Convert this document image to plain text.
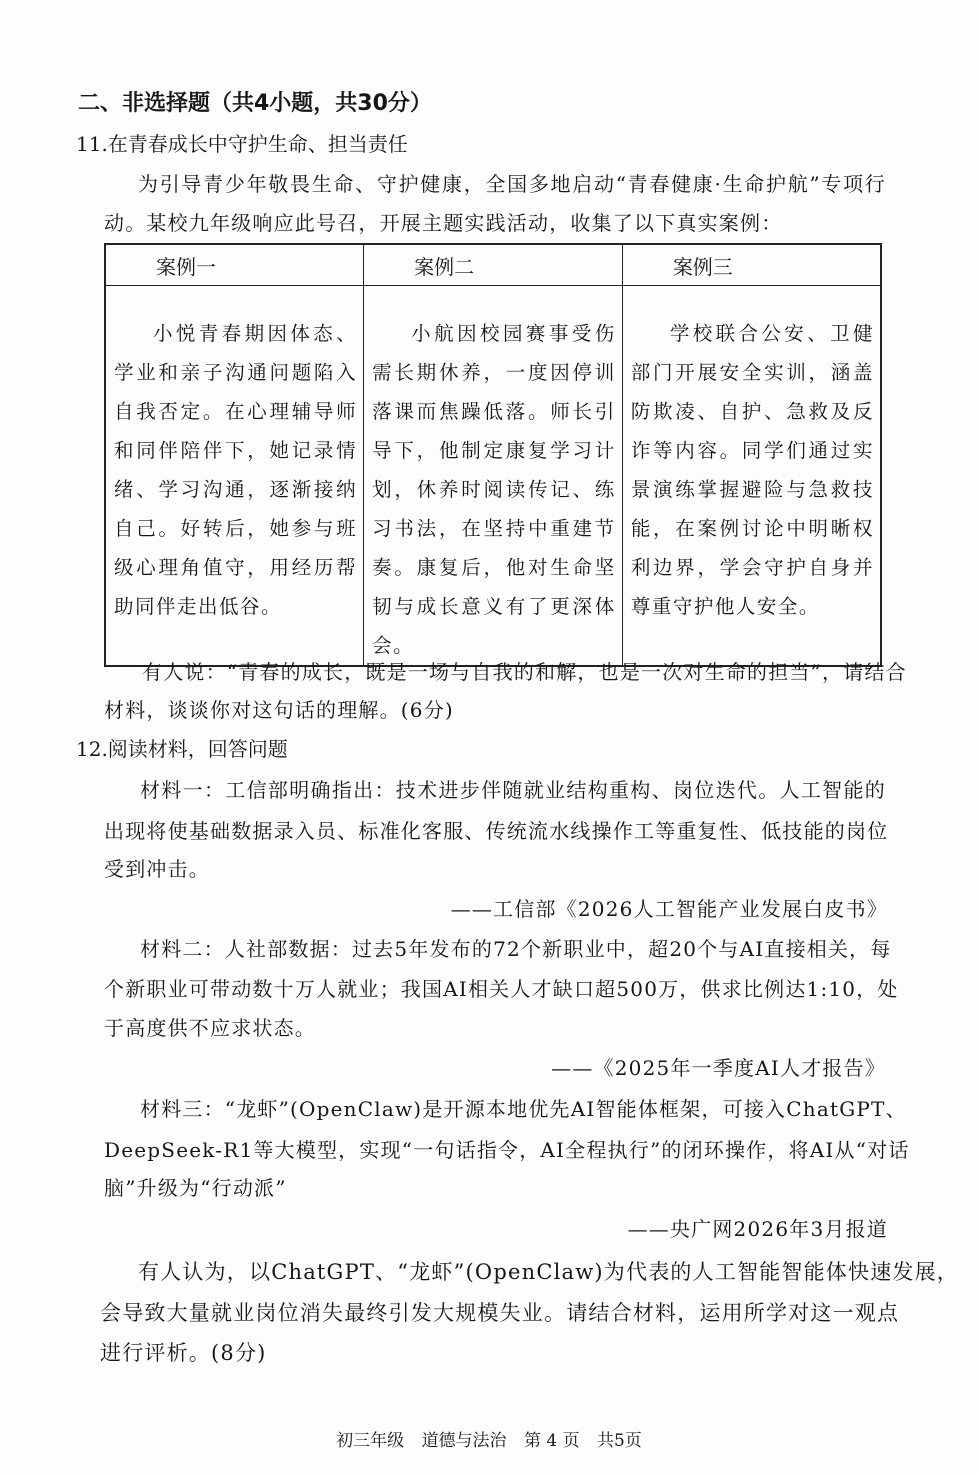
二、非选择题（共4小题，共30分）
11.在青春成长中守护生命、担当责任
为引导青少年敬畏生命、守护健康，全国多地启动“青春健康·生命护航”专项行
动。某校九年级响应此号召，开展主题实践活动，收集了以下真实案例：
案例一	案例二	案例三

小悦青春期因体态、学业和亲子沟通问题陷入自我否定。在心理辅导师和同伴陪伴下，她记录情绪、学习沟通，逐渐接纳自己。好转后，她参与班级心理角值守，用经历帮助同伴走出低谷。	小航因校园赛事受伤需长期休养，一度因停训落课而焦躁低落。师长引导下，他制定康复学习计划，休养时阅读传记、练习书法，在坚持中重建节奏。康复后，他对生命坚韧与成长意义有了更深体会。	学校联合公安、卫健部门开展安全实训，涵盖防欺凌、自护、急救及反诈等内容。同学们通过实景演练掌握避险与急救技能，在案例讨论中明晰权利边界，学会守护自身并尊重守护他人安全。
有人说：“青春的成长，既是一场与自我的和解，也是一次对生命的担当”，请结合
材料，谈谈你对这句话的理解。(6分)
12.阅读材料，回答问题
材料一：工信部明确指出：技术进步伴随就业结构重构、岗位迭代。人工智能的
出现将使基础数据录入员、标准化客服、传统流水线操作工等重复性、低技能的岗位
受到冲击。
——工信部《2026人工智能产业发展白皮书》
材料二：人社部数据：过去5年发布的72个新职业中，超20个与AI直接相关，每
个新职业可带动数十万人就业；我国AI相关人才缺口超500万，供求比例达1:10，处
于高度供不应求状态。
——《2025年一季度AI人才报告》
材料三：“龙虾”(OpenClaw)是开源本地优先AI智能体框架，可接入ChatGPT、
DeepSeek-R1等大模型，实现“一句话指令，AI全程执行”的闭环操作，将AI从“对话
脑”升级为“行动派”
——央广网2026年3月报道
有人认为，以ChatGPT、“龙虾”(OpenClaw)为代表的人工智能智能体快速发展，
会导致大量就业岗位消失最终引发大规模失业。请结合材料，运用所学对这一观点
进行评析。(8分)
初三年级 道德与法治 第 4 页 共5页
